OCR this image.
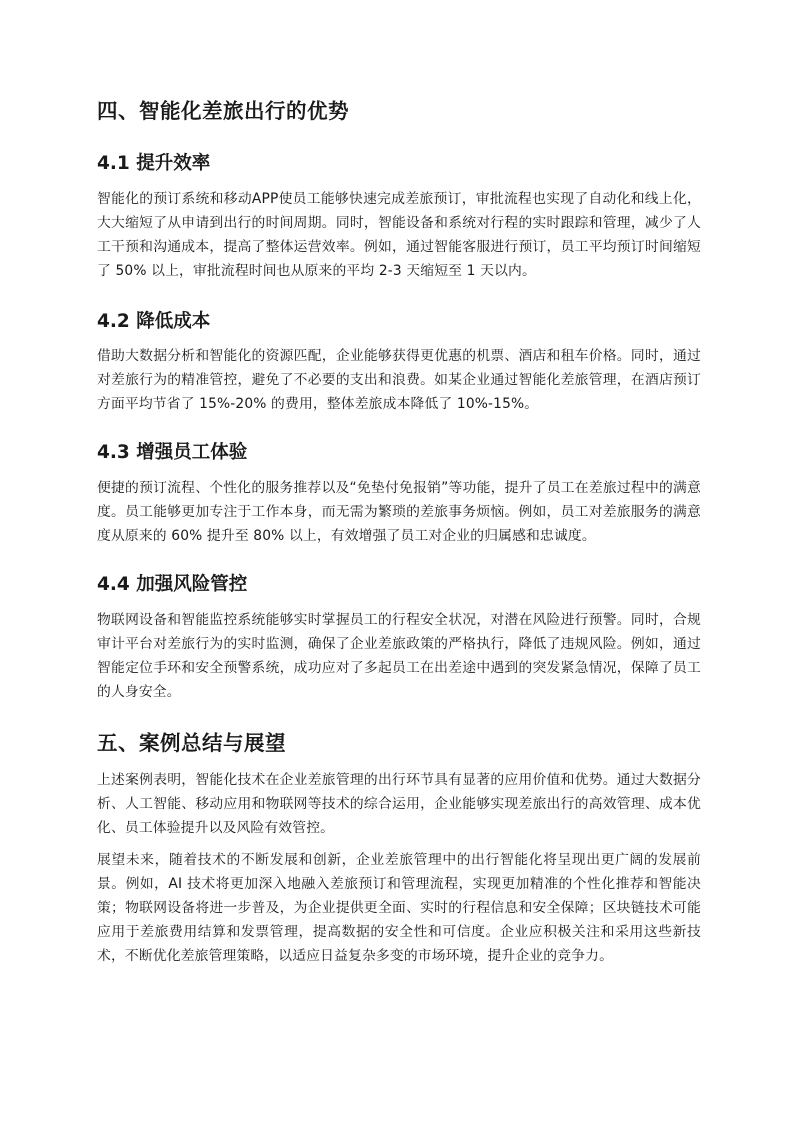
四、智能化差旅出行的优势
4.1 提升效率

智能化的预订系统和移动APP使员工能够快速完成差旅预订，审批流程也实现了自动化和线上化，大大缩短了从申请到出行的时间周期。同时，智能设备和系统对行程的实时跟踪和管理，减少了人工干预和沟通成本，提高了整体运营效率。例如，通过智能客服进行预订，员工平均预订时间缩短了 50% 以上，审批流程时间也从原来的平均 2-3 天缩短至 1 天以内。

4.2 降低成本

借助大数据分析和智能化的资源匹配，企业能够获得更优惠的机票、酒店和租车价格。同时，通过对差旅行为的精准管控，避免了不必要的支出和浪费。如某企业通过智能化差旅管理，在酒店预订方面平均节省了 15%-20% 的费用，整体差旅成本降低了 10%-15%。

4.3 增强员工体验

便捷的预订流程、个性化的服务推荐以及“免垫付免报销”等功能，提升了员工在差旅过程中的满意度。员工能够更加专注于工作本身，而无需为繁琐的差旅事务烦恼。例如，员工对差旅服务的满意度从原来的 60% 提升至 80% 以上，有效增强了员工对企业的归属感和忠诚度。

4.4 加强风险管控

物联网设备和智能监控系统能够实时掌握员工的行程安全状况，对潜在风险进行预警。同时，合规审计平台对差旅行为的实时监测，确保了企业差旅政策的严格执行，降低了违规风险。例如，通过智能定位手环和安全预警系统，成功应对了多起员工在出差途中遇到的突发紧急情况，保障了员工的人身安全。

五、案例总结与展望

上述案例表明，智能化技术在企业差旅管理的出行环节具有显著的应用价值和优势。通过大数据分析、人工智能、移动应用和物联网等技术的综合运用，企业能够实现差旅出行的高效管理、成本优化、员工体验提升以及风险有效管控。

展望未来，随着技术的不断发展和创新，企业差旅管理中的出行智能化将呈现出更广阔的发展前景。例如，AI 技术将更加深入地融入差旅预订和管理流程，实现更加精准的个性化推荐和智能决策；物联网设备将进一步普及，为企业提供更全面、实时的行程信息和安全保障；区块链技术可能应用于差旅费用结算和发票管理，提高数据的安全性和可信度。企业应积极关注和采用这些新技术，不断优化差旅管理策略，以适应日益复杂多变的市场环境，提升企业的竞争力。
